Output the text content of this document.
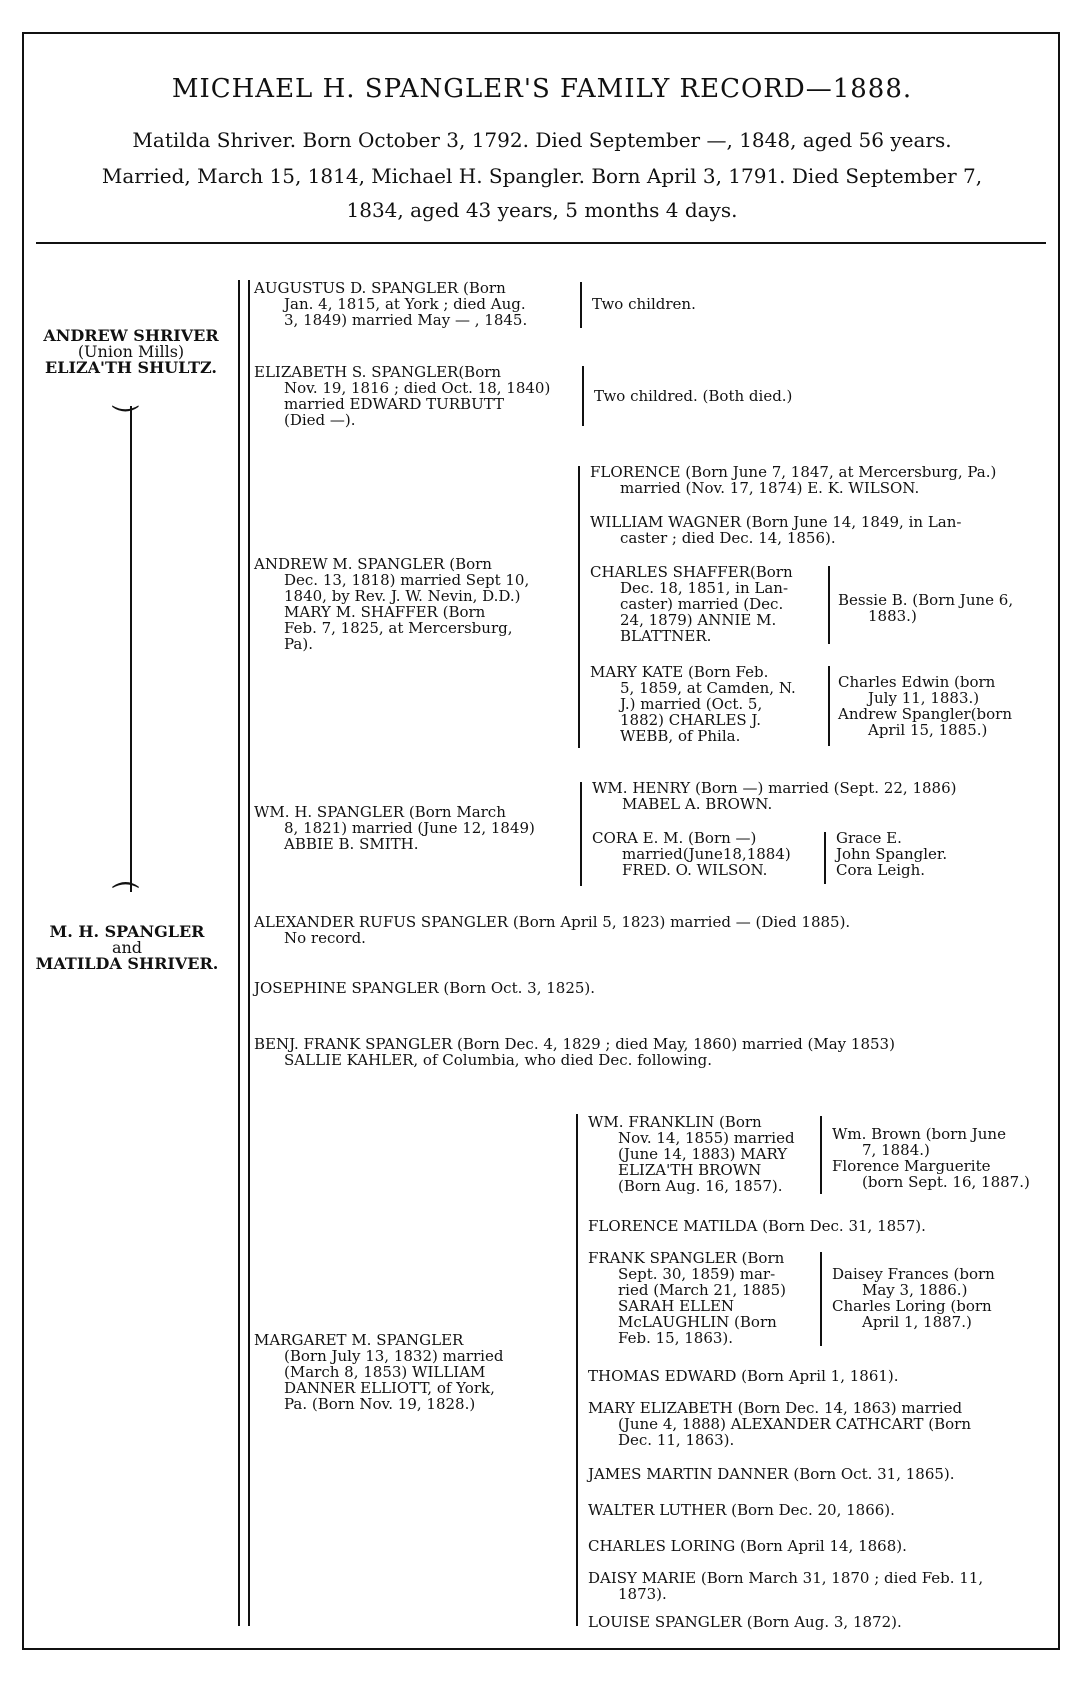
MICHAEL H. SPANGLER'S FAMILY RECORD—1888.
Matilda Shriver. Born October 3, 1792. Died September —, 1848, aged 56 years.
Married, March 15, 1814, Michael H. Spangler. Born April 3, 1791. Died September 7,
1834, aged 43 years, 5 months 4 days.
ANDREW SHRIVER
(Union Mills)
ELIZA'TH SHULTZ.
⏝
⏜
M. H. SPANGLER
and
MATILDA SHRIVER.
AUGUSTUS D. SPANGLER (Born
Jan. 4, 1815, at York ; died Aug.
3, 1849) married May — , 1845.
Two children.
ELIZABETH S. SPANGLER(Born
Nov. 19, 1816 ; died Oct. 18, 1840)
married EDWARD TURBUTT
(Died —).
Two childred. (Both died.)
ANDREW M. SPANGLER (Born
Dec. 13, 1818) married Sept 10,
1840, by Rev. J. W. Nevin, D.D.)
MARY M. SHAFFER (Born
Feb. 7, 1825, at Mercersburg,
Pa).
FLORENCE (Born June 7, 1847, at Mercersburg, Pa.)
married (Nov. 17, 1874) E. K. WILSON.
WILLIAM WAGNER (Born June 14, 1849, in Lan-
caster ; died Dec. 14, 1856).
CHARLES SHAFFER(Born
Dec. 18, 1851, in Lan-
caster) married (Dec.
24, 1879) ANNIE M.
BLATTNER.
Bessie B. (Born June 6,
1883.)
MARY KATE (Born Feb.
5, 1859, at Camden, N.
J.) married (Oct. 5,
1882) CHARLES J.
WEBB, of Phila.
Charles Edwin (born
July 11, 1883.)
Andrew Spangler(born
April 15, 1885.)
WM. H. SPANGLER (Born March
8, 1821) married (June 12, 1849)
ABBIE B. SMITH.
WM. HENRY (Born —) married (Sept. 22, 1886)
MABEL A. BROWN.
CORA E. M. (Born —)
married(June18,1884)
FRED. O. WILSON.
Grace E.
John Spangler.
Cora Leigh.
ALEXANDER RUFUS SPANGLER (Born April 5, 1823) married — (Died 1885).
No record.
JOSEPHINE SPANGLER (Born Oct. 3, 1825).
BENJ. FRANK SPANGLER (Born Dec. 4, 1829 ; died May, 1860) married (May 1853)
SALLIE KAHLER, of Columbia, who died Dec. following.
MARGARET M. SPANGLER
(Born July 13, 1832) married
(March 8, 1853) WILLIAM
DANNER ELLIOTT, of York,
Pa. (Born Nov. 19, 1828.)
WM. FRANKLIN (Born
Nov. 14, 1855) married
(June 14, 1883) MARY
ELIZA'TH BROWN
(Born Aug. 16, 1857).
Wm. Brown (born June
7, 1884.)
Florence Marguerite
(born Sept. 16, 1887.)
FLORENCE MATILDA (Born Dec. 31, 1857).
FRANK SPANGLER (Born
Sept. 30, 1859) mar-
ried (March 21, 1885)
SARAH ELLEN
McLAUGHLIN (Born
Feb. 15, 1863).
Daisey Frances (born
May 3, 1886.)
Charles Loring (born
April 1, 1887.)
THOMAS EDWARD (Born April 1, 1861).
MARY ELIZABETH (Born Dec. 14, 1863) married
(June 4, 1888) ALEXANDER CATHCART (Born
Dec. 11, 1863).
JAMES MARTIN DANNER (Born Oct. 31, 1865).
WALTER LUTHER (Born Dec. 20, 1866).
CHARLES LORING (Born April 14, 1868).
DAISY MARIE (Born March 31, 1870 ; died Feb. 11,
1873).
LOUISE SPANGLER (Born Aug. 3, 1872).
